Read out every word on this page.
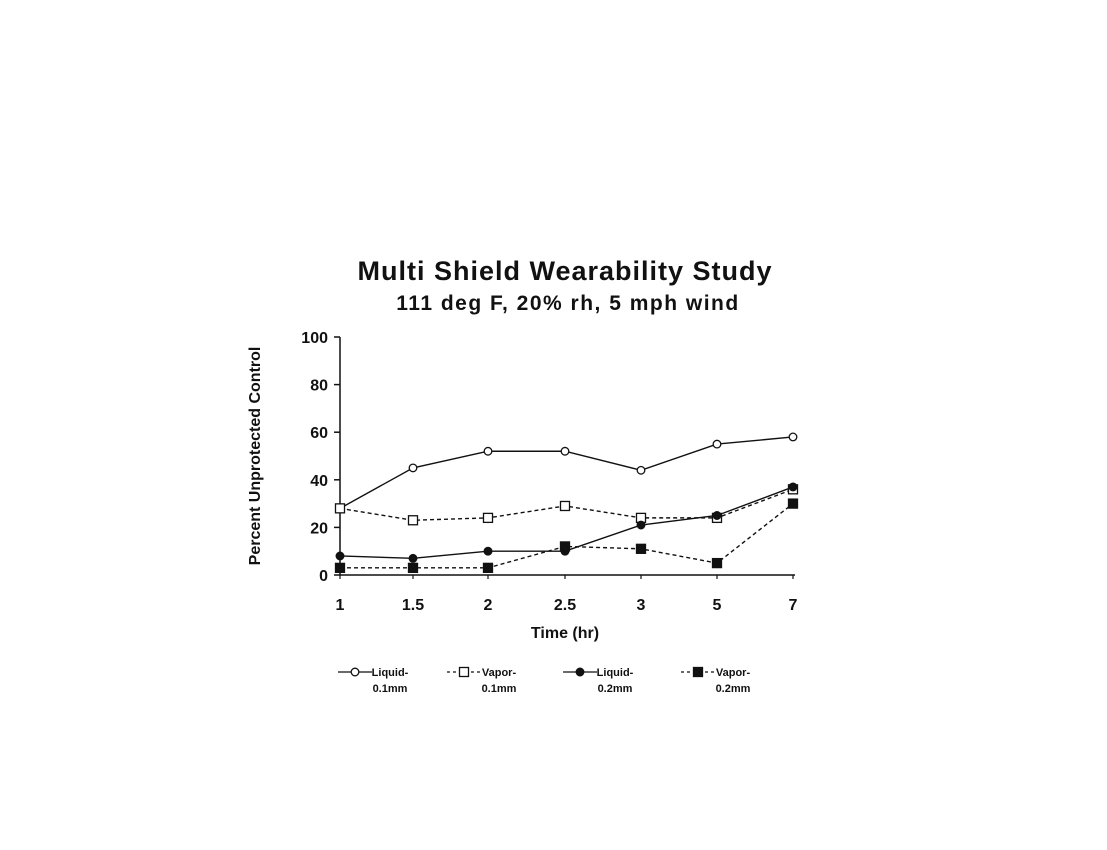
Multi Shield Wearability Study
111 deg F, 20% rh, 5 mph wind
0
20
40
60
80
100
1	1.5	2	2.5	3	5	7
Percent Unprotected Control
Time (hr)
Liquid-
0.1mm
Vapor-
0.1mm
Liquid-
0.2mm
Vapor-
0.2mm
